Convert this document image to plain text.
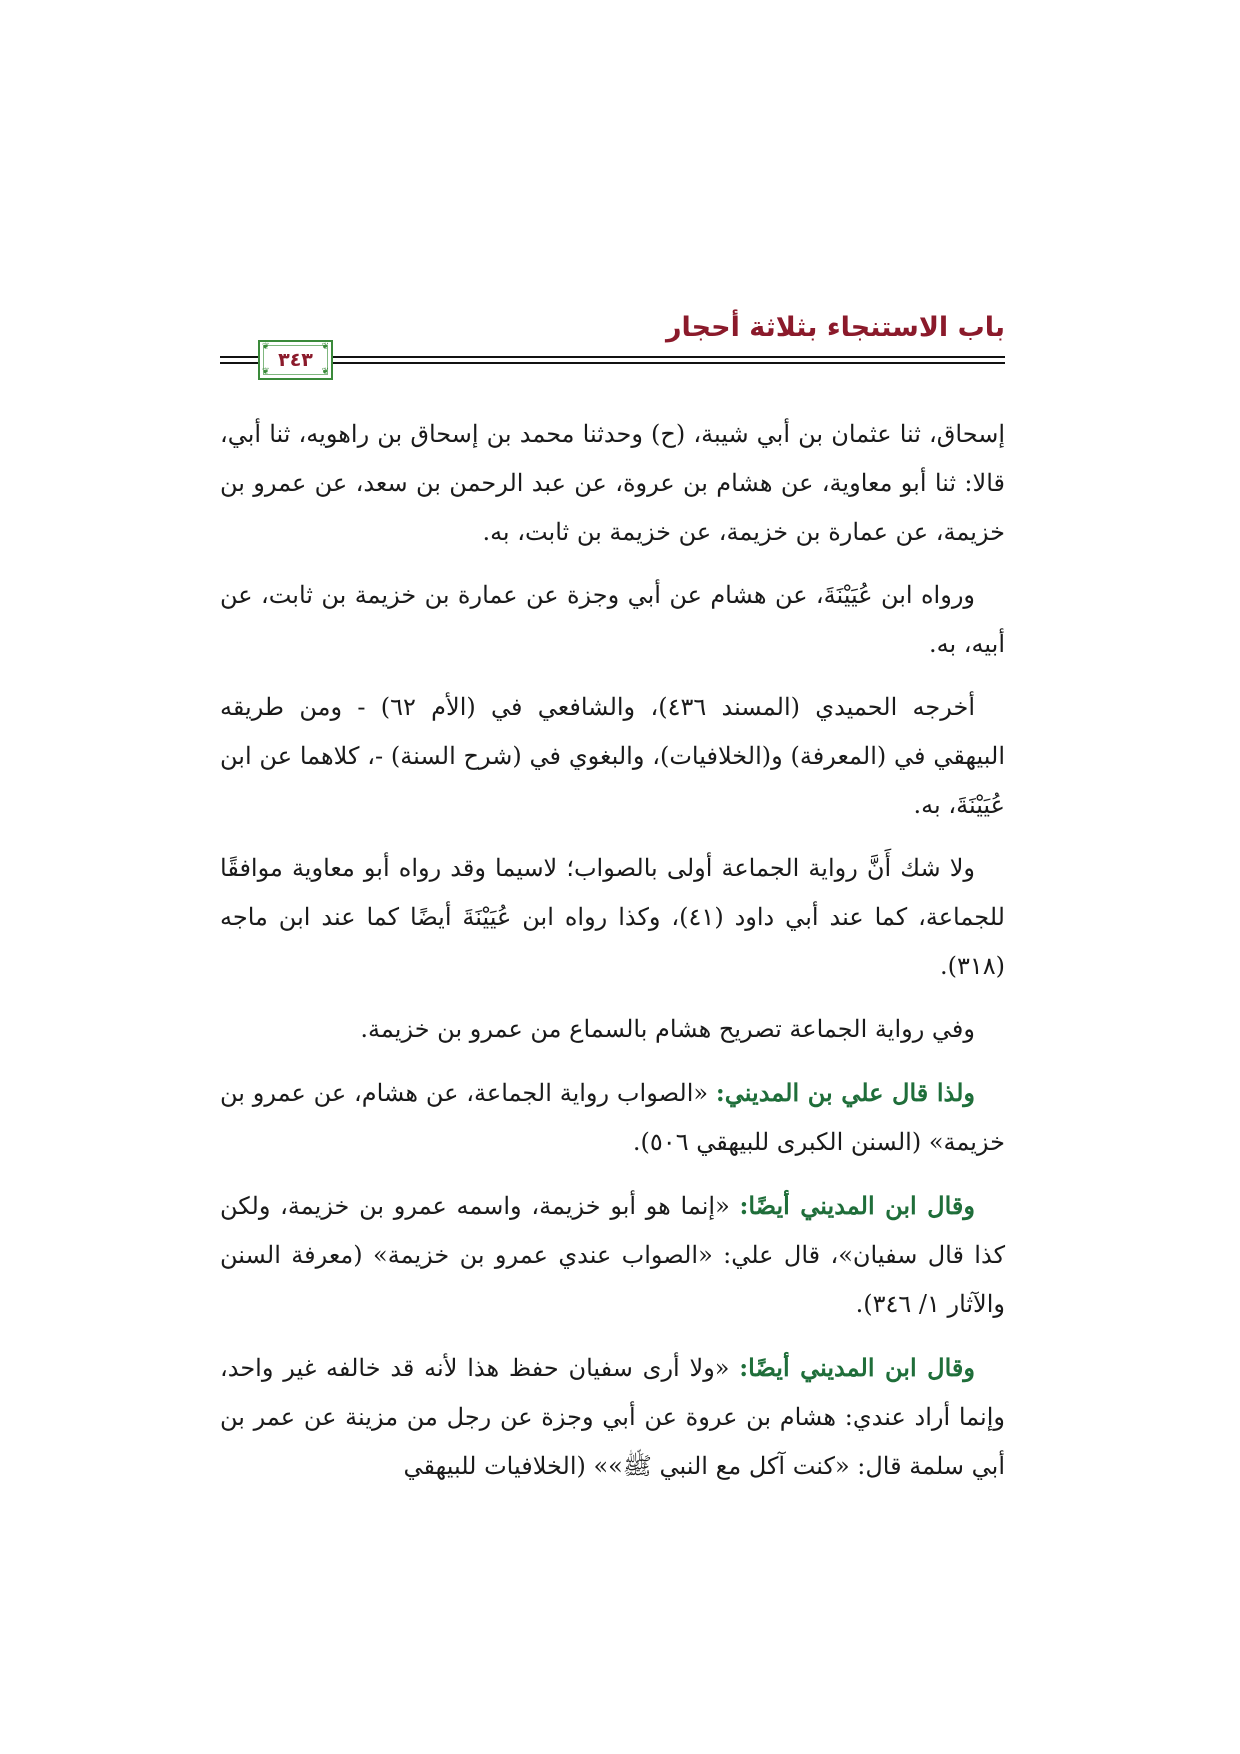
باب الاستنجاء بثلاثة أحجار
❦	❦
❦	❦
٣٤٣

إسحاق، ثنا عثمان بن أبي شيبة، (ح) وحدثنا محمد بن إسحاق بن راهويه، ثنا أبي، قالا: ثنا أبو معاوية، عن هشام بن عروة، عن عبد الرحمن بن سعد، عن عمرو بن خزيمة، عن عمارة بن خزيمة، عن خزيمة بن ثابت، به.

ورواه ابن عُيَيْنَةَ، عن هشام عن أبي وجزة عن عمارة بن خزيمة بن ثابت، عن أبيه، به.

أخرجه الحميدي (المسند ٤٣٦)، والشافعي في (الأم ٦٢) - ومن طريقه البيهقي في (المعرفة) و(الخلافيات)، والبغوي في (شرح السنة) -، كلاهما عن ابن عُيَيْنَةَ، به.

ولا شك أَنَّ رواية الجماعة أولى بالصواب؛ لاسيما وقد رواه أبو معاوية موافقًا للجماعة، كما عند أبي داود (٤١)، وكذا رواه ابن عُيَيْنَةَ أيضًا كما عند ابن ماجه (٣١٨).

وفي رواية الجماعة تصريح هشام بالسماع من عمرو بن خزيمة.

ولذا قال علي بن المديني: «الصواب رواية الجماعة، عن هشام، عن عمرو بن خزيمة» (السنن الكبرى للبيهقي ٥٠٦).

وقال ابن المديني أيضًا: «إنما هو أبو خزيمة، واسمه عمرو بن خزيمة، ولكن كذا قال سفيان»، قال علي: «الصواب عندي عمرو بن خزيمة» (معرفة السنن والآثار ١/ ٣٤٦).

وقال ابن المديني أيضًا: «ولا أرى سفيان حفظ هذا لأنه قد خالفه غير واحد، وإنما أراد عندي: هشام بن عروة عن أبي وجزة عن رجل من مزينة عن عمر بن أبي سلمة قال: «كنت آكل مع النبي ﷺ»» (الخلافيات للبيهقي
